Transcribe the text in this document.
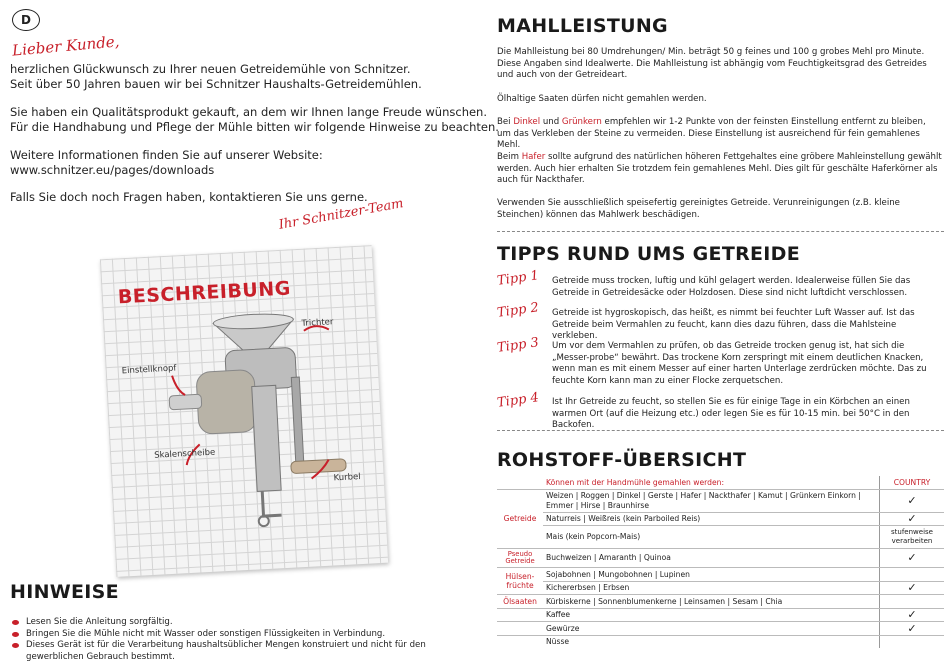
D
Lieber Kunde,
herzlichen Glückwunsch zu Ihrer neuen Getreidemühle von Schnitzer.
Seit über 50 Jahren bauen wir bei Schnitzer Haushalts-Getreidemühlen.
Sie haben ein Qualitätsprodukt gekauft, an dem wir Ihnen lange Freude wünschen.
Für die Handhabung und Pflege der Mühle bitten wir folgende Hinweise zu beachten.
Weitere Informationen finden Sie auf unserer Website:
www.schnitzer.eu/pages/downloads
Falls Sie doch noch Fragen haben, kontaktieren Sie uns gerne.
Ihr Schnitzer-Team
BESCHREIBUNG
Trichter
Einstellknopf
Skalenscheibe
Kurbel
HINWEISE
Lesen Sie die Anleitung sorgfältig.
Bringen Sie die Mühle nicht mit Wasser oder sonstigen Flüssigkeiten in Verbindung.
Dieses Gerät ist für die Verarbeitung haushaltsüblicher Mengen konstruiert und nicht für den gewerblichen Gebrauch bestimmt.
MAHLLEISTUNG
Die Mahlleistung bei 80 Umdrehungen/ Min. beträgt 50 g feines und 100 g grobes Mehl pro Minute. Diese Angaben sind Idealwerte. Die Mahlleistung ist abhängig vom Feuchtigkeitsgrad des Getreides und auch von der Getreideart.
Ölhaltige Saaten dürfen nicht gemahlen werden.
Bei Dinkel und Grünkern empfehlen wir 1-2 Punkte von der feinsten Einstellung entfernt zu bleiben, um das Verkleben der Steine zu vermeiden. Diese Einstellung ist ausreichend für fein gemahlenes Mehl.
Beim Hafer sollte aufgrund des natürlichen höheren Fettgehaltes eine gröbere Mahleinstellung gewählt werden. Auch hier erhalten Sie trotzdem fein gemahlenes Mehl. Dies gilt für geschälte Haferkörner als auch für Nackthafer.
Verwenden Sie ausschließlich speisefertig gereinigtes Getreide. Verunreinigungen (z.B. kleine Steinchen) können das Mahlwerk beschädigen.
TIPPS RUND UMS GETREIDE
Tipp 1 Getreide muss trocken, luftig und kühl gelagert werden. Idealerweise füllen Sie das Getreide in Getreidesäcke oder Holzdosen. Diese sind nicht luftdicht verschlossen.
Tipp 2 Getreide ist hygroskopisch, das heißt, es nimmt bei feuchter Luft Wasser auf. Ist das Getreide beim Vermahlen zu feucht, kann dies dazu führen, dass die Mahlsteine verkleben.
Tipp 3 Um vor dem Vermahlen zu prüfen, ob das Getreide trocken genug ist, hat sich die „Messer-probe“ bewährt. Das trockene Korn zerspringt mit einem deutlichen Knacken, wenn man es mit einem Messer auf einer harten Unterlage zerdrücken möchte. Das zu feuchte Korn kann man zu einer Flocke zerquetschen.
Tipp 4 Ist Ihr Getreide zu feucht, so stellen Sie es für einige Tage in ein Körbchen an einen warmen Ort (auf die Heizung etc.) oder legen Sie es für 10-15 min. bei 50°C in den Backofen.
ROHSTOFF-ÜBERSICHT
	Können mit der Handmühle gemahlen werden:	COUNTRY
Getreide	Weizen | Roggen | Dinkel | Gerste | Hafer | Nackthafer | Kamut | Grünkern Einkorn | Emmer | Hirse | Braunhirse	✓
	Naturreis | Weißreis (kein Parboiled Reis)	✓
	Mais (kein Popcorn-Mais)	stufenweise verarbeiten
Pseudo Getreide	Buchweizen | Amaranth | Quinoa	✓
Hülsen-früchte	Sojabohnen | Mungobohnen | Lupinen	
	Kichererbsen | Erbsen	✓
Ölsaaten	Kürbiskerne | Sonnenblumenkerne | Leinsamen | Sesam | Chia	
	Kaffee	✓
	Gewürze	✓
	Nüsse	
